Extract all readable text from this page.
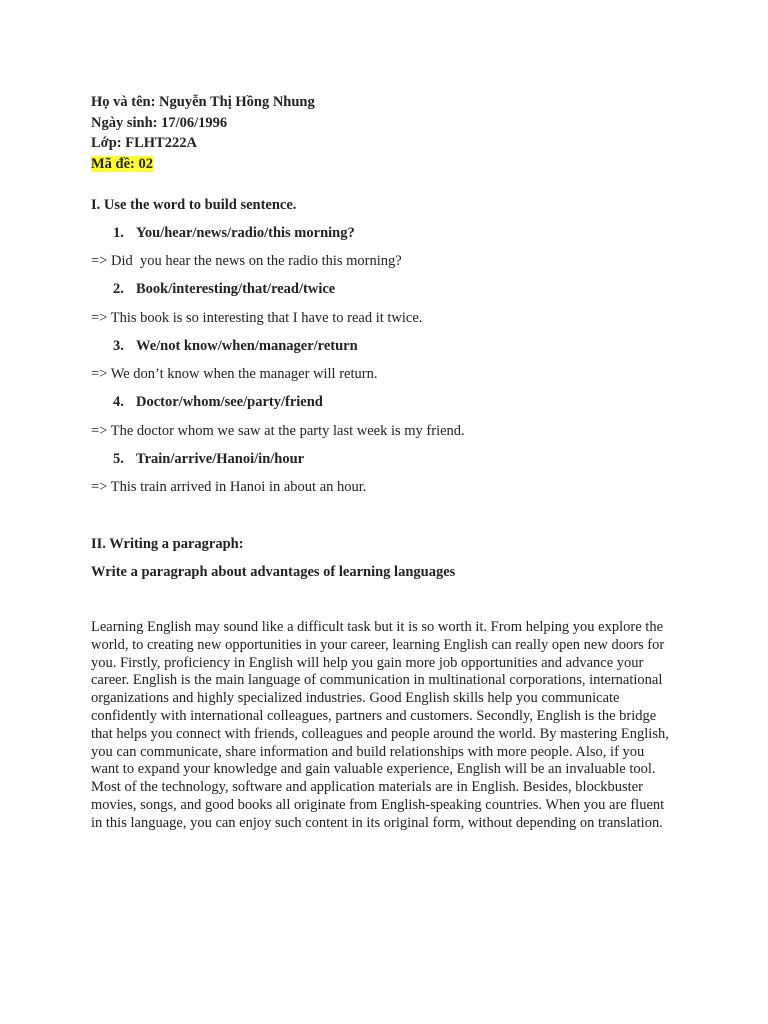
Họ và tên: Nguyễn Thị Hồng Nhung

Ngày sinh: 17/06/1996

Lớp: FLHT222A

Mã đề: 02

I. Use the word to build sentence.

1. You/hear/news/radio/this morning?

=> Did  you hear the news on the radio this morning?

2. Book/interesting/that/read/twice

=> This book is so interesting that I have to read it twice.

3. We/not know/when/manager/return

=> We don’t know when the manager will return.

4. Doctor/whom/see/party/friend

=> The doctor whom we saw at the party last week is my friend.

5. Train/arrive/Hanoi/in/hour

=> This train arrived in Hanoi in about an hour.

II. Writing a paragraph:

Write a paragraph about advantages of learning languages

Learning English may sound like a difficult task but it is so worth it. From helping you explore the world, to creating new opportunities in your career, learning English can really open new doors for you. Firstly, proficiency in English will help you gain more job opportunities and advance your career. English is the main language of communication in multinational corporations, international organizations and highly specialized industries. Good English skills help you communicate confidently with international colleagues, partners and customers. Secondly, English is the bridge that helps you connect with friends, colleagues and people around the world. By mastering English, you can communicate, share information and build relationships with more people. Also, if you want to expand your knowledge and gain valuable experience, English will be an invaluable tool. Most of the technology, software and application materials are in English. Besides, blockbuster movies, songs, and good books all originate from English-speaking countries. When you are fluent in this language, you can enjoy such content in its original form, without depending on translation.
